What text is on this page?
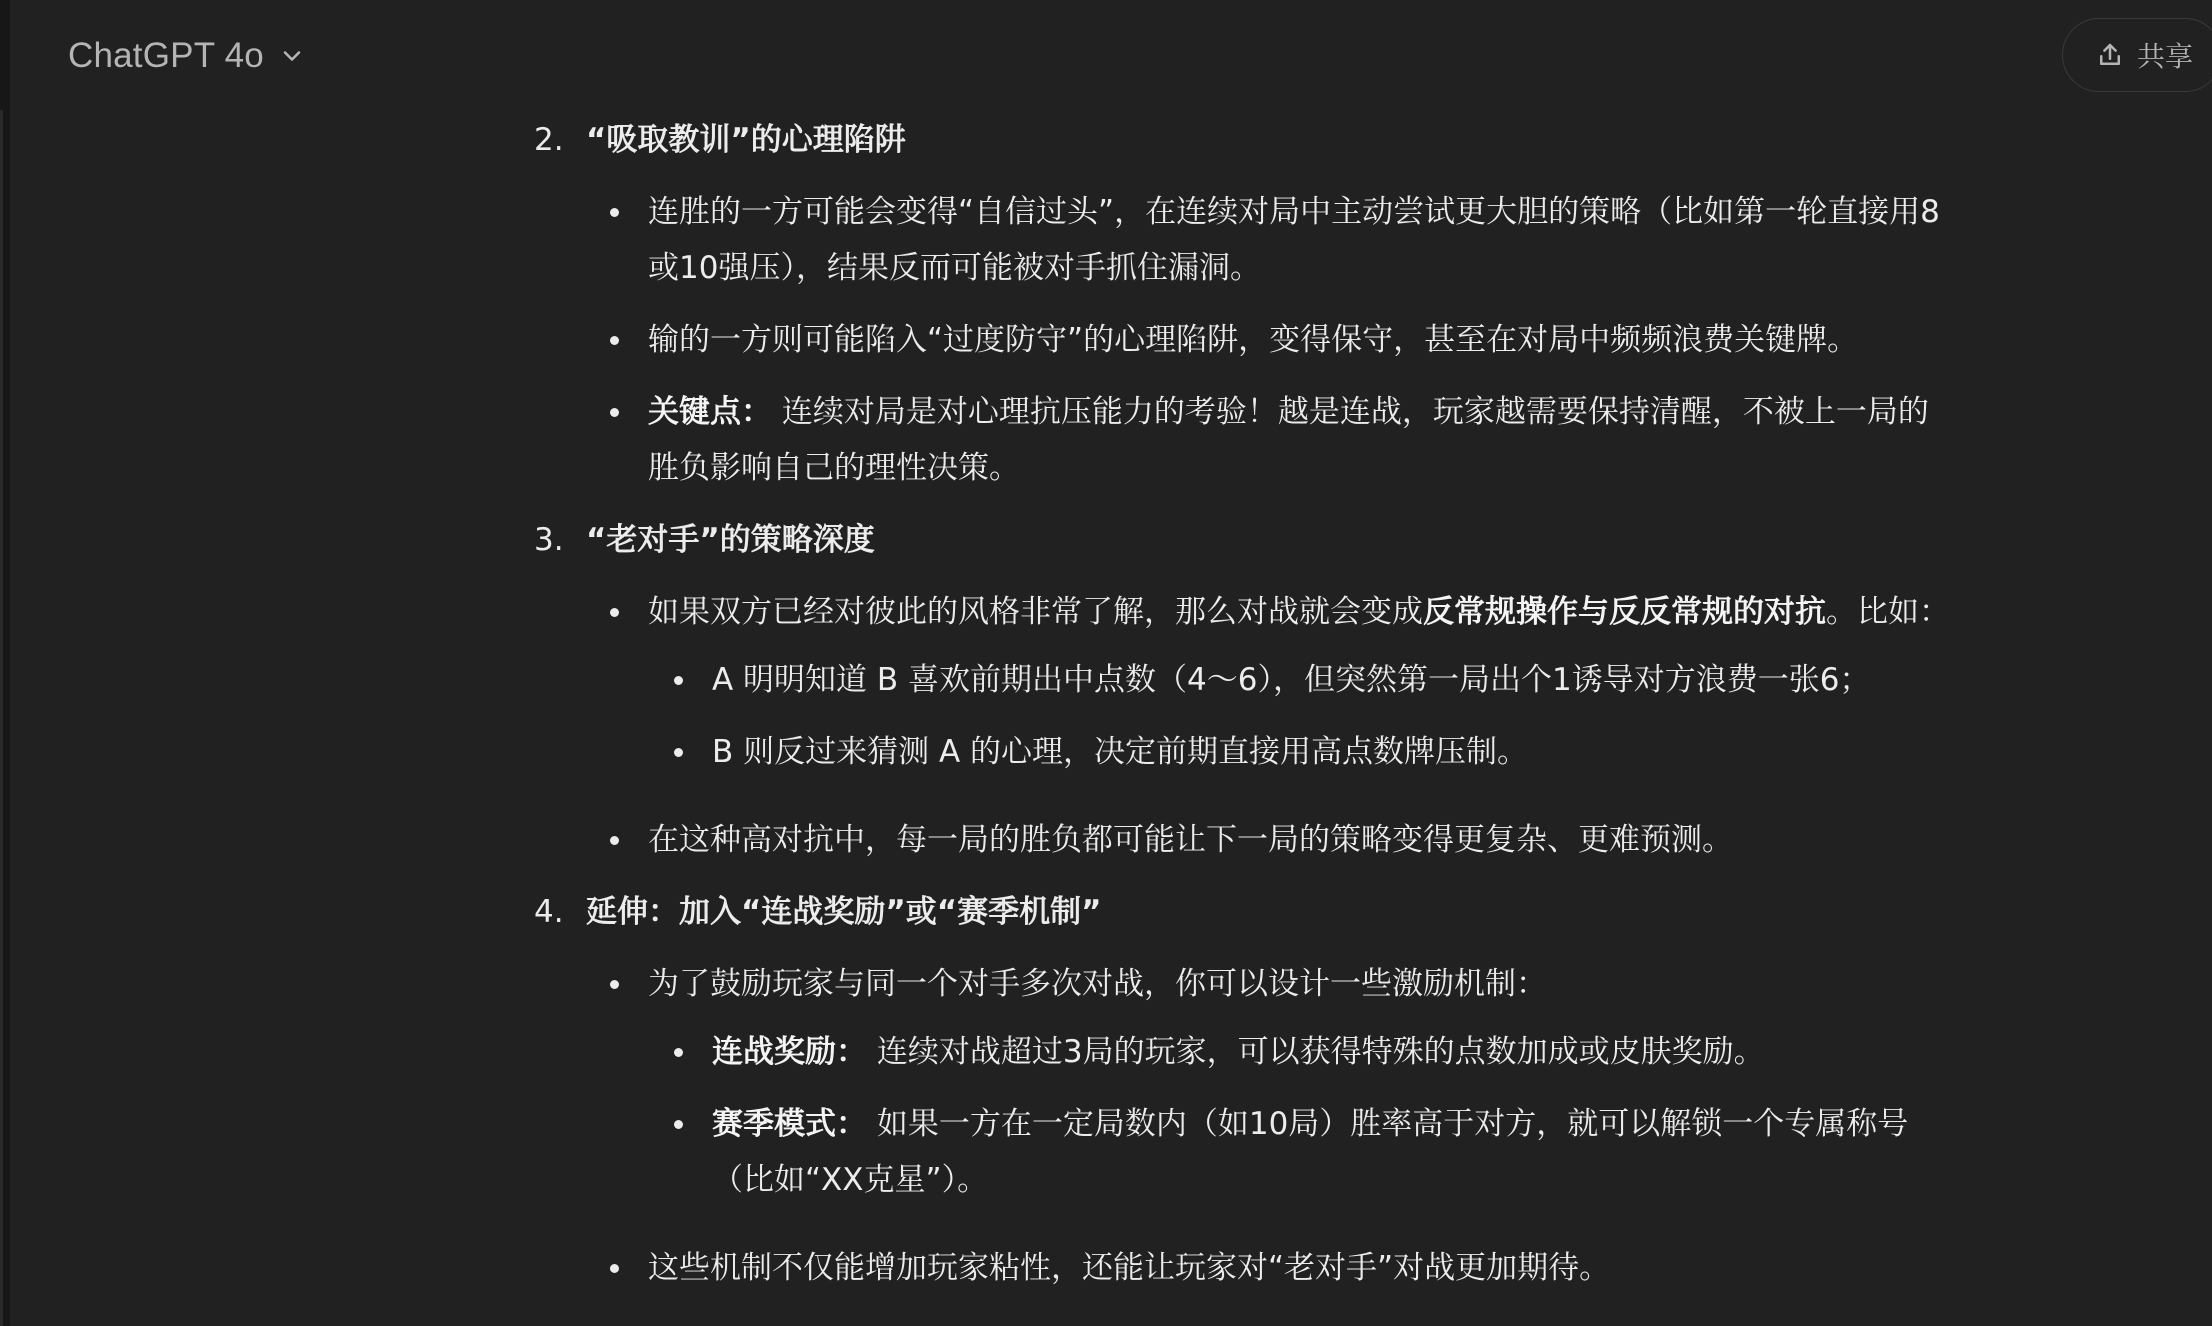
ChatGPT 4o	共享
2. “吸取教训”的心理陷阱
连胜的一方可能会变得“自信过头”，在连续对局中主动尝试更大胆的策略（比如第一轮直接用8或10强压），结果反而可能被对手抓住漏洞。
输的一方则可能陷入“过度防守”的心理陷阱，变得保守，甚至在对局中频频浪费关键牌。
关键点： 连续对局是对心理抗压能力的考验！越是连战，玩家越需要保持清醒，不被上一局的胜负影响自己的理性决策。
3. “老对手”的策略深度
如果双方已经对彼此的风格非常了解，那么对战就会变成反常规操作与反反常规的对抗。比如：
A 明明知道 B 喜欢前期出中点数（4～6），但突然第一局出个1诱导对方浪费一张6；
B 则反过来猜测 A 的心理，决定前期直接用高点数牌压制。
在这种高对抗中，每一局的胜负都可能让下一局的策略变得更复杂、更难预测。
4. 延伸：加入“连战奖励”或“赛季机制”
为了鼓励玩家与同一个对手多次对战，你可以设计一些激励机制：
连战奖励： 连续对战超过3局的玩家，可以获得特殊的点数加成或皮肤奖励。
赛季模式： 如果一方在一定局数内（如10局）胜率高于对方，就可以解锁一个专属称号（比如“XX克星”）。
这些机制不仅能增加玩家粘性，还能让玩家对“老对手”对战更加期待。
